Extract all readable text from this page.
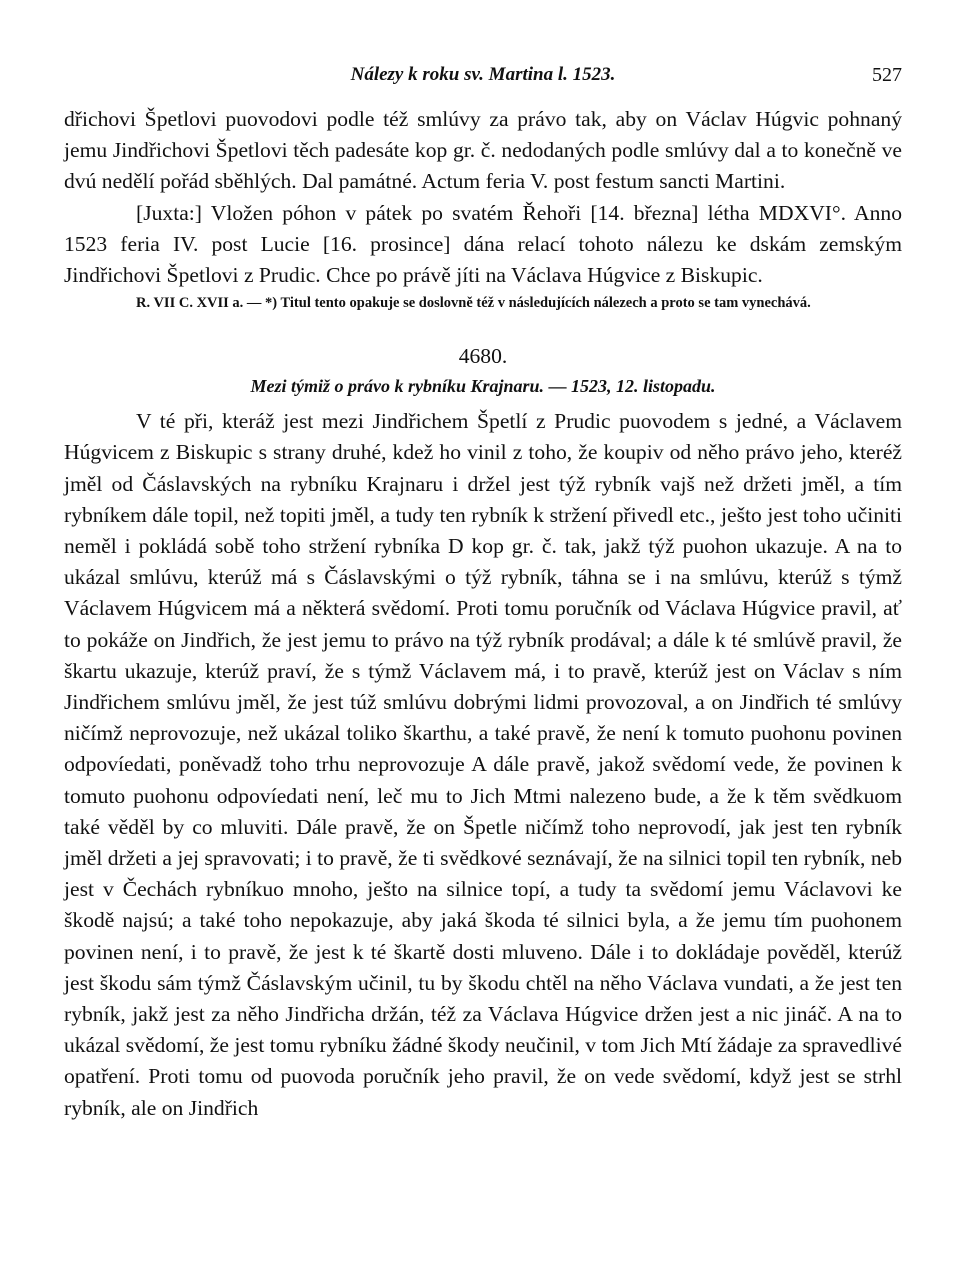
Nálezy k roku sv. Martina l. 1523.	527

dřichovi Špetlovi puovodovi podle též smlúvy za právo tak, aby on Václav Húgvic pohnaný jemu Jindřichovi Špetlovi těch padesáte kop gr. č. nedodaných podle smlúvy dal a to konečně ve dvú nedělí pořád sběhlých. Dal památné. Actum feria V. post festum sancti Martini.

[Juxta:] Vložen póhon v pátek po svatém Řehoři [14. března] létha MDXVI°. Anno 1523 feria IV. post Lucie [16. prosince] dána relací tohoto nálezu ke dskám zemským Jindřichovi Špetlovi z Prudic. Chce po právě jíti na Václava Húgvice z Biskupic.

R. VII C. XVII a. — *) Titul tento opakuje se doslovně též v následujících nálezech a proto se tam vynechává.

4680.
Mezi týmiž o právo k rybníku Krajnaru. — 1523, 12. listopadu.

V té při, kteráž jest mezi Jindřichem Špetlí z Prudic puovodem s jedné, a Václavem Húgvicem z Biskupic s strany druhé, kdež ho vinil z toho, že koupiv od něho právo jeho, kteréž jměl od Čáslavských na rybníku Krajnaru i držel jest týž rybník vajš než držeti jměl, a tím rybníkem dále topil, než topiti jměl, a tudy ten rybník k stržení přivedl etc., ješto jest toho učiniti neměl i pokládá sobě toho stržení rybníka D kop gr. č. tak, jakž týž puohon ukazuje. A na to ukázal smlúvu, kterúž má s Čáslavskými o týž rybník, táhna se i na smlúvu, kterúž s týmž Václavem Húgvicem má a některá svědomí. Proti tomu poručník od Václava Húgvice pravil, ať to pokáže on Jindřich, že jest jemu to právo na týž rybník prodával; a dále k té smlúvě pravil, že škartu ukazuje, kterúž praví, že s týmž Václavem má, i to pravě, kterúž jest on Václav s ním Jindřichem smlúvu jměl, že jest túž smlúvu dobrými lidmi provozoval, a on Jindřich té smlúvy ničímž neprovozuje, než ukázal toliko škarthu, a také pravě, že není k tomuto puohonu povinen odpovíedati, poněvadž toho trhu neprovozuje A dále pravě, jakož svědomí vede, že povinen k tomuto puohonu odpovíedati není, leč mu to Jich Mtmi nalezeno bude, a že k těm svědkuom také věděl by co mluviti. Dále pravě, že on Špetle ničímž toho neprovodí, jak jest ten rybník jměl držeti a jej spravovati; i to pravě, že ti svědkové seznávají, že na silnici topil ten rybník, neb jest v Čechách rybníkuo mnoho, ješto na silnice topí, a tudy ta svědomí jemu Václavovi ke škodě najsú; a také toho nepokazuje, aby jaká škoda té silnici byla, a že jemu tím puohonem povinen není, i to pravě, že jest k té škartě dosti mluveno. Dále i to dokládaje pověděl, kterúž jest škodu sám týmž Čáslavským učinil, tu by škodu chtěl na něho Václava vundati, a že jest ten rybník, jakž jest za něho Jindřicha držán, též za Václava Húgvice držen jest a nic jináč. A na to ukázal svědomí, že jest tomu rybníku žádné škody neučinil, v tom Jich Mtí žádaje za spravedlivé opatření. Proti tomu od puovoda poručník jeho pravil, že on vede svědomí, když jest se strhl rybník, ale on Jindřich
